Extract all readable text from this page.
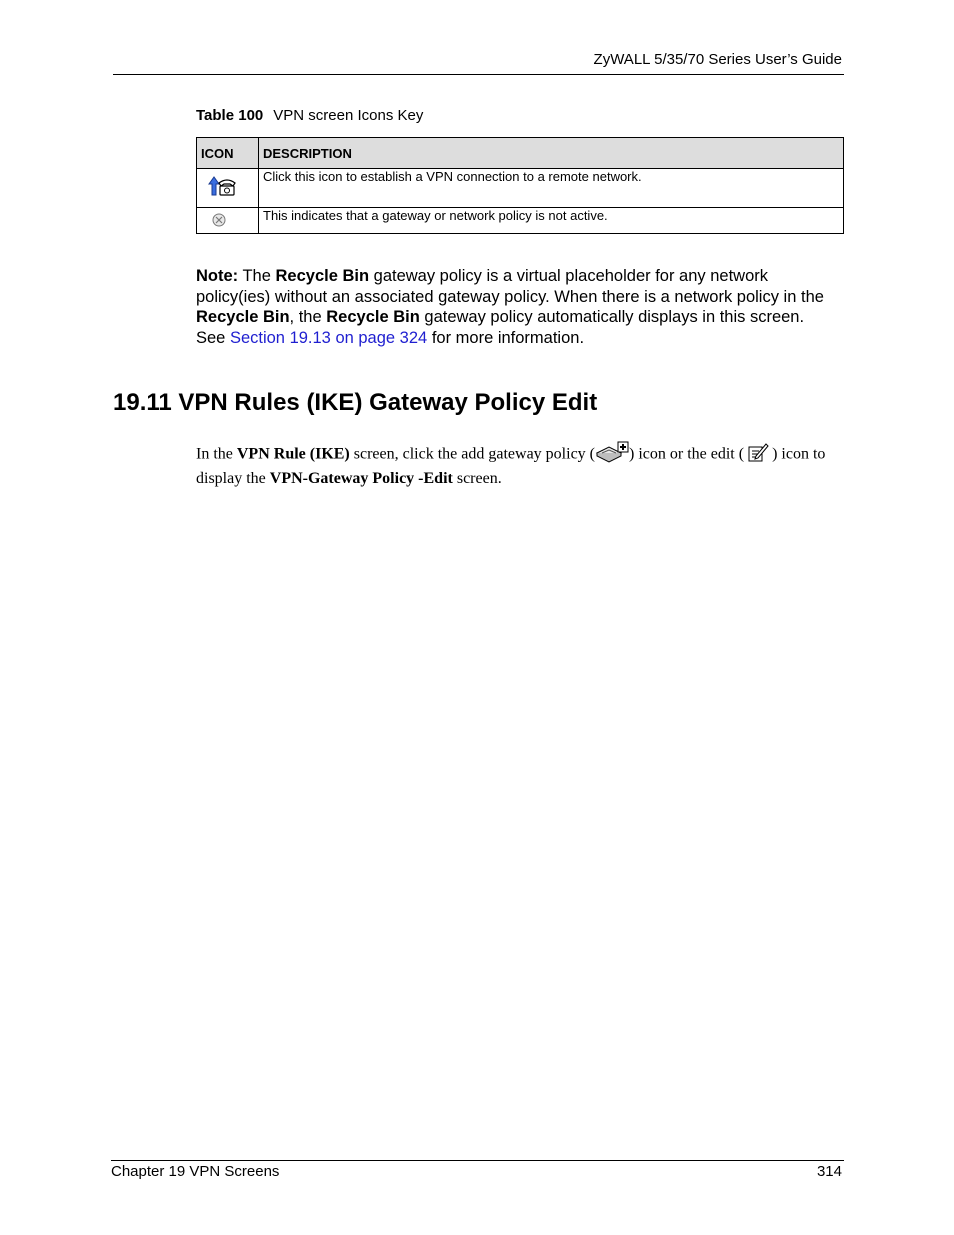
ZyWALL 5/35/70 Series User’s Guide
Table 100 VPN screen Icons Key
ICON	DESCRIPTION
	Click this icon to establish a VPN connection to a remote network.
	This indicates that a gateway or network policy is not active.
Note: The Recycle Bin gateway policy is a virtual placeholder for any network policy(ies) without an associated gateway policy. When there is a network policy in the Recycle Bin, the Recycle Bin gateway policy automatically displays in this screen. See Section 19.13 on page 324 for more information.
19.11 VPN Rules (IKE) Gateway Policy Edit
In the VPN Rule (IKE) screen, click the add gateway policy ( ) icon or the edit ( ) icon to display the VPN-Gateway Policy -Edit screen.
Chapter 19 VPN Screens	314
